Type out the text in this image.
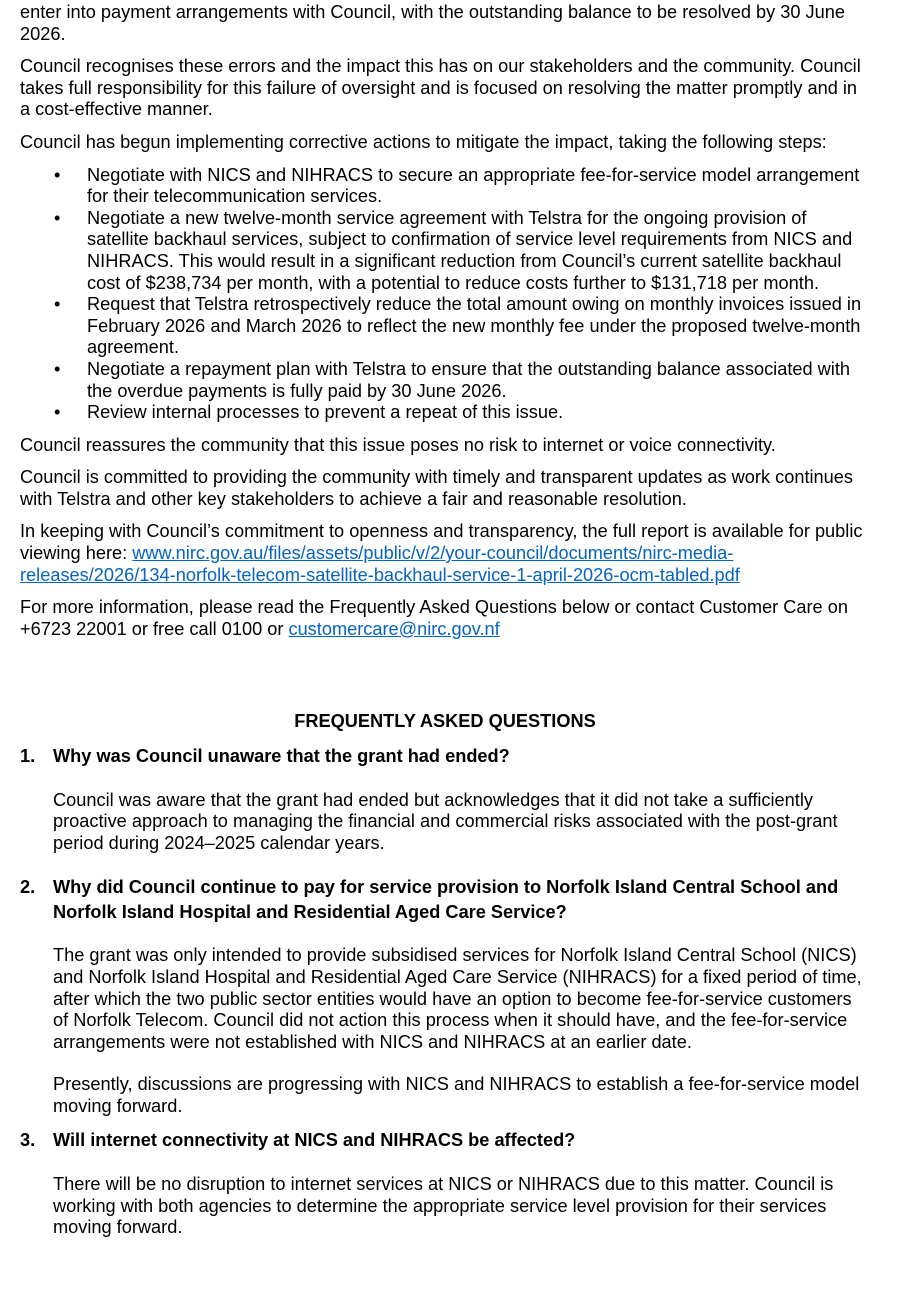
enter into payment arrangements with Council, with the outstanding balance to be resolved by 30 June 2026.

Council recognises these errors and the impact this has on our stakeholders and the community. Council takes full responsibility for this failure of oversight and is focused on resolving the matter promptly and in a cost-effective manner.

Council has begun implementing corrective actions to mitigate the impact, taking the following steps:

•	Negotiate with NICS and NIHRACS to secure an appropriate fee-for-service model arrangement for their telecommunication services.
•	Negotiate a new twelve-month service agreement with Telstra for the ongoing provision of satellite backhaul services, subject to confirmation of service level requirements from NICS and NIHRACS. This would result in a significant reduction from Council’s current satellite backhaul cost of $238,734 per month, with a potential to reduce costs further to $131,718 per month.
•	Request that Telstra retrospectively reduce the total amount owing on monthly invoices issued in February 2026 and March 2026 to reflect the new monthly fee under the proposed twelve-month agreement.
•	Negotiate a repayment plan with Telstra to ensure that the outstanding balance associated with the overdue payments is fully paid by 30 June 2026.
•	Review internal processes to prevent a repeat of this issue.

Council reassures the community that this issue poses no risk to internet or voice connectivity.

Council is committed to providing the community with timely and transparent updates as work continues with Telstra and other key stakeholders to achieve a fair and reasonable resolution.

In keeping with Council’s commitment to openness and transparency, the full report is available for public viewing here: www.nirc.gov.au/files/assets/public/v/2/your-council/documents/nirc-media-releases/2026/134-norfolk-telecom-satellite-backhaul-service-1-april-2026-ocm-tabled.pdf

For more information, please read the Frequently Asked Questions below or contact Customer Care on +6723 22001 or free call 0100 or customercare@nirc.gov.nf

FREQUENTLY ASKED QUESTIONS
1. Why was Council unaware that the grant had ended?

Council was aware that the grant had ended but acknowledges that it did not take a sufficiently proactive approach to managing the financial and commercial risks associated with the post-grant period during 2024–2025 calendar years.

2. Why did Council continue to pay for service provision to Norfolk Island Central School and Norfolk Island Hospital and Residential Aged Care Service?

The grant was only intended to provide subsidised services for Norfolk Island Central School (NICS) and Norfolk Island Hospital and Residential Aged Care Service (NIHRACS) for a fixed period of time, after which the two public sector entities would have an option to become fee-for-service customers of Norfolk Telecom. Council did not action this process when it should have, and the fee-for-service arrangements were not established with NICS and NIHRACS at an earlier date.

Presently, discussions are progressing with NICS and NIHRACS to establish a fee-for-service model moving forward.

3. Will internet connectivity at NICS and NIHRACS be affected?

There will be no disruption to internet services at NICS or NIHRACS due to this matter. Council is working with both agencies to determine the appropriate service level provision for their services moving forward.
